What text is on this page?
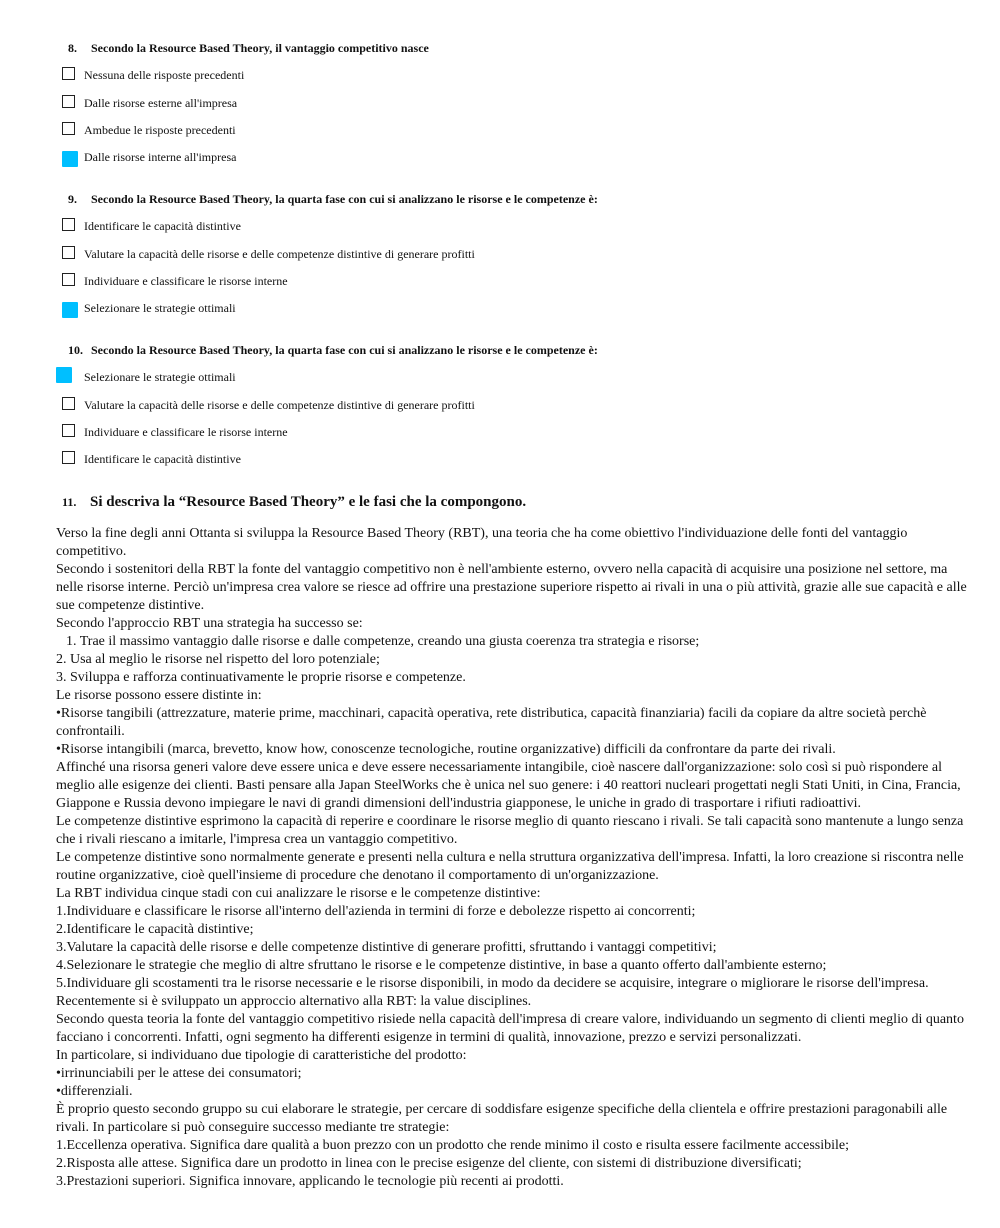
8. Secondo la Resource Based Theory, il vantaggio competitivo nasce
Nessuna delle risposte precedenti
Dalle risorse esterne all'impresa
Ambedue le risposte precedenti
Dalle risorse interne all'impresa
9. Secondo la Resource Based Theory, la quarta fase con cui si analizzano le risorse e le competenze è:
Identificare le capacità distintive
Valutare la capacità delle risorse e delle competenze distintive di generare profitti
Individuare e classificare le risorse interne
Selezionare le strategie ottimali
10. Secondo la Resource Based Theory, la quarta fase con cui si analizzano le risorse e le competenze è:
Selezionare le strategie ottimali
Valutare la capacità delle risorse e delle competenze distintive di generare profitti
Individuare e classificare le risorse interne
Identificare le capacità distintive
11. Si descriva la “Resource Based Theory” e le fasi che la compongono.

Verso la fine degli anni Ottanta si sviluppa la Resource Based Theory (RBT), una teoria che ha come obiettivo l'individuazione delle fonti del vantaggio competitivo.

Secondo i sostenitori della RBT la fonte del vantaggio competitivo non è nell'ambiente esterno, ovvero nella capacità di acquisire una posizione nel settore, ma nelle risorse interne. Perciò un'impresa crea valore se riesce ad offrire una prestazione superiore rispetto ai rivali in una o più attività, grazie alle sue capacità e alle sue competenze distintive.

Secondo l'approccio RBT una strategia ha successo se:

1. Trae il massimo vantaggio dalle risorse e dalle competenze, creando una giusta coerenza tra strategia e risorse;

2. Usa al meglio le risorse nel rispetto del loro potenziale;

3. Sviluppa e rafforza continuativamente le proprie risorse e competenze.

Le risorse possono essere distinte in:

•Risorse tangibili (attrezzature, materie prime, macchinari, capacità operativa, rete distributica, capacità finanziaria) facili da copiare da altre società perchè confrontaili.

•Risorse intangibili (marca, brevetto, know how, conoscenze tecnologiche, routine organizzative) difficili da confrontare da parte dei rivali.

Affinché una risorsa generi valore deve essere unica e deve essere necessariamente intangibile, cioè nascere dall'organizzazione: solo così si può rispondere al meglio alle esigenze dei clienti. Basti pensare alla Japan SteelWorks che è unica nel suo genere: i 40 reattori nucleari progettati negli Stati Uniti, in Cina, Francia, Giappone e Russia devono impiegare le navi di grandi dimensioni dell'industria giapponese, le uniche in grado di trasportare i rifiuti radioattivi.

Le competenze distintive esprimono la capacità di reperire e coordinare le risorse meglio di quanto riescano i rivali. Se tali capacità sono mantenute a lungo senza che i rivali riescano a imitarle, l'impresa crea un vantaggio competitivo.

Le competenze distintive sono normalmente generate e presenti nella cultura e nella struttura organizzativa dell'impresa. Infatti, la loro creazione si riscontra nelle routine organizzative, cioè quell'insieme di procedure che denotano il comportamento di un'organizzazione.

La RBT individua cinque stadi con cui analizzare le risorse e le competenze distintive:

1.Individuare e classificare le risorse all'interno dell'azienda in termini di forze e debolezze rispetto ai concorrenti;

2.Identificare le capacità distintive;

3.Valutare la capacità delle risorse e delle competenze distintive di generare profitti, sfruttando i vantaggi competitivi;

4.Selezionare le strategie che meglio di altre sfruttano le risorse e le competenze distintive, in base a quanto offerto dall'ambiente esterno;

5.Individuare gli scostamenti tra le risorse necessarie e le risorse disponibili, in modo da decidere se acquisire, integrare o migliorare le risorse dell'impresa.

Recentemente si è sviluppato un approccio alternativo alla RBT: la value disciplines.

Secondo questa teoria la fonte del vantaggio competitivo risiede nella capacità dell'impresa di creare valore, individuando un segmento di clienti meglio di quanto facciano i concorrenti. Infatti, ogni segmento ha differenti esigenze in termini di qualità, innovazione, prezzo e servizi personalizzati.

In particolare, si individuano due tipologie di caratteristiche del prodotto:

•irrinunciabili per le attese dei consumatori;

•differenziali.

È proprio questo secondo gruppo su cui elaborare le strategie, per cercare di soddisfare esigenze specifiche della clientela e offrire prestazioni paragonabili alle rivali. In particolare si può conseguire successo mediante tre strategie:

1.Eccellenza operativa. Significa dare qualità a buon prezzo con un prodotto che rende minimo il costo e risulta essere facilmente accessibile;

2.Risposta alle attese. Significa dare un prodotto in linea con le precise esigenze del cliente, con sistemi di distribuzione diversificati;

3.Prestazioni superiori. Significa innovare, applicando le tecnologie più recenti ai prodotti.
